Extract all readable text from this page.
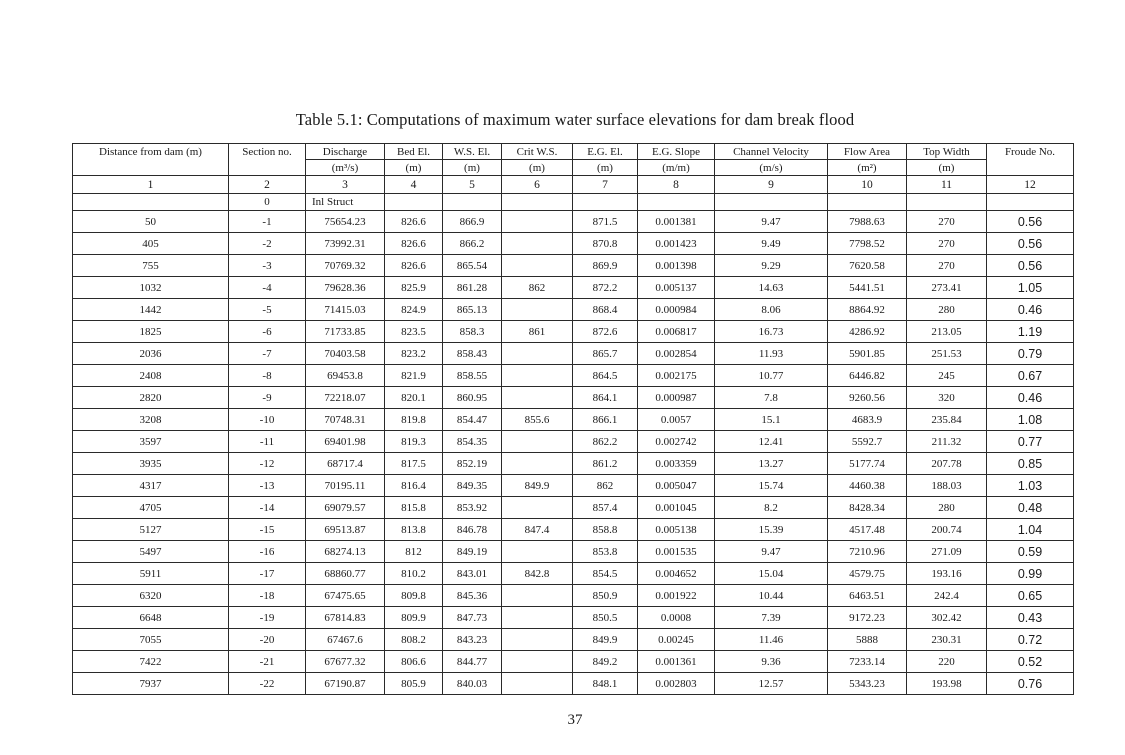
Table 5.1: Computations of maximum water surface elevations for dam break flood
Distance from dam (m)	Section no.	Discharge	Bed El.	W.S. El.	Crit W.S.	E.G. El.	E.G. Slope	Channel Velocity	Flow Area	Top Width	Froude No.
		(m³/s)	(m)	(m)	(m)	(m)	(m/m)	(m/s)	(m²)	(m)	
1	2	3	4	5	6	7	8	9	10	11	12
	0	Inl Struct									
50	-1	75654.23	826.6	866.9		871.5	0.001381	9.47	7988.63	270	0.56
405	-2	73992.31	826.6	866.2		870.8	0.001423	9.49	7798.52	270	0.56
755	-3	70769.32	826.6	865.54		869.9	0.001398	9.29	7620.58	270	0.56
1032	-4	79628.36	825.9	861.28	862	872.2	0.005137	14.63	5441.51	273.41	1.05
1442	-5	71415.03	824.9	865.13		868.4	0.000984	8.06	8864.92	280	0.46
1825	-6	71733.85	823.5	858.3	861	872.6	0.006817	16.73	4286.92	213.05	1.19
2036	-7	70403.58	823.2	858.43		865.7	0.002854	11.93	5901.85	251.53	0.79
2408	-8	69453.8	821.9	858.55		864.5	0.002175	10.77	6446.82	245	0.67
2820	-9	72218.07	820.1	860.95		864.1	0.000987	7.8	9260.56	320	0.46
3208	-10	70748.31	819.8	854.47	855.6	866.1	0.0057	15.1	4683.9	235.84	1.08
3597	-11	69401.98	819.3	854.35		862.2	0.002742	12.41	5592.7	211.32	0.77
3935	-12	68717.4	817.5	852.19		861.2	0.003359	13.27	5177.74	207.78	0.85
4317	-13	70195.11	816.4	849.35	849.9	862	0.005047	15.74	4460.38	188.03	1.03
4705	-14	69079.57	815.8	853.92		857.4	0.001045	8.2	8428.34	280	0.48
5127	-15	69513.87	813.8	846.78	847.4	858.8	0.005138	15.39	4517.48	200.74	1.04
5497	-16	68274.13	812	849.19		853.8	0.001535	9.47	7210.96	271.09	0.59
5911	-17	68860.77	810.2	843.01	842.8	854.5	0.004652	15.04	4579.75	193.16	0.99
6320	-18	67475.65	809.8	845.36		850.9	0.001922	10.44	6463.51	242.4	0.65
6648	-19	67814.83	809.9	847.73		850.5	0.0008	7.39	9172.23	302.42	0.43
7055	-20	67467.6	808.2	843.23		849.9	0.00245	11.46	5888	230.31	0.72
7422	-21	67677.32	806.6	844.77		849.2	0.001361	9.36	7233.14	220	0.52
7937	-22	67190.87	805.9	840.03		848.1	0.002803	12.57	5343.23	193.98	0.76
37
